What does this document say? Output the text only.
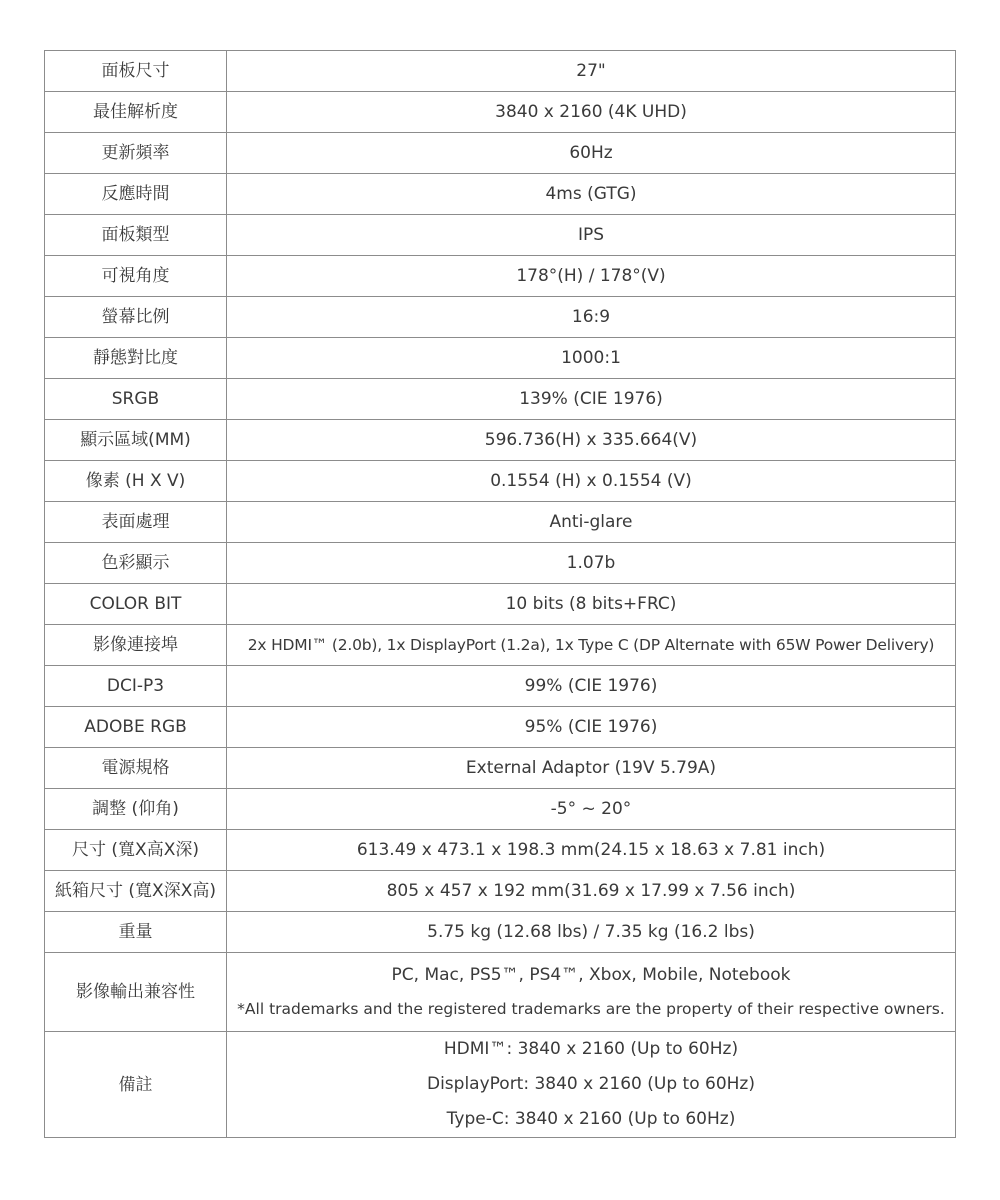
面板尺寸	27"
最佳解析度	3840 x 2160 (4K UHD)
更新頻率	60Hz
反應時間	4ms (GTG)
面板類型	IPS
可視角度	178°(H) / 178°(V)
螢幕比例	16:9
靜態對比度	1000:1
SRGB	139% (CIE 1976)
顯示區域(MM)	596.736(H) x 335.664(V)
像素 (H X V)	0.1554 (H) x 0.1554 (V)
表面處理	Anti-glare
色彩顯示	1.07b
COLOR BIT	10 bits (8 bits+FRC)
影像連接埠	2x HDMI™ (2.0b), 1x DisplayPort (1.2a), 1x Type C (DP Alternate with 65W Power Delivery)
DCI-P3	99% (CIE 1976)
ADOBE RGB	95% (CIE 1976)
電源規格	External Adaptor (19V 5.79A)
調整 (仰角)	-5° ~ 20°
尺寸 (寬X高X深)	613.49 x 473.1 x 198.3 mm(24.15 x 18.63 x 7.81 inch)
紙箱尺寸 (寬X深X高)	805 x 457 x 192 mm(31.69 x 17.99 x 7.56 inch)
重量	5.75 kg (12.68 lbs) / 7.35 kg (16.2 lbs)
影像輸出兼容性	PC, Mac, PS5™, PS4™, Xbox, Mobile, Notebook
*All trademarks and the registered trademarks are the property of their respective owners.

備註	HDMI™: 3840 x 2160 (Up to 60Hz)
DisplayPort: 3840 x 2160 (Up to 60Hz)
Type-C: 3840 x 2160 (Up to 60Hz)
